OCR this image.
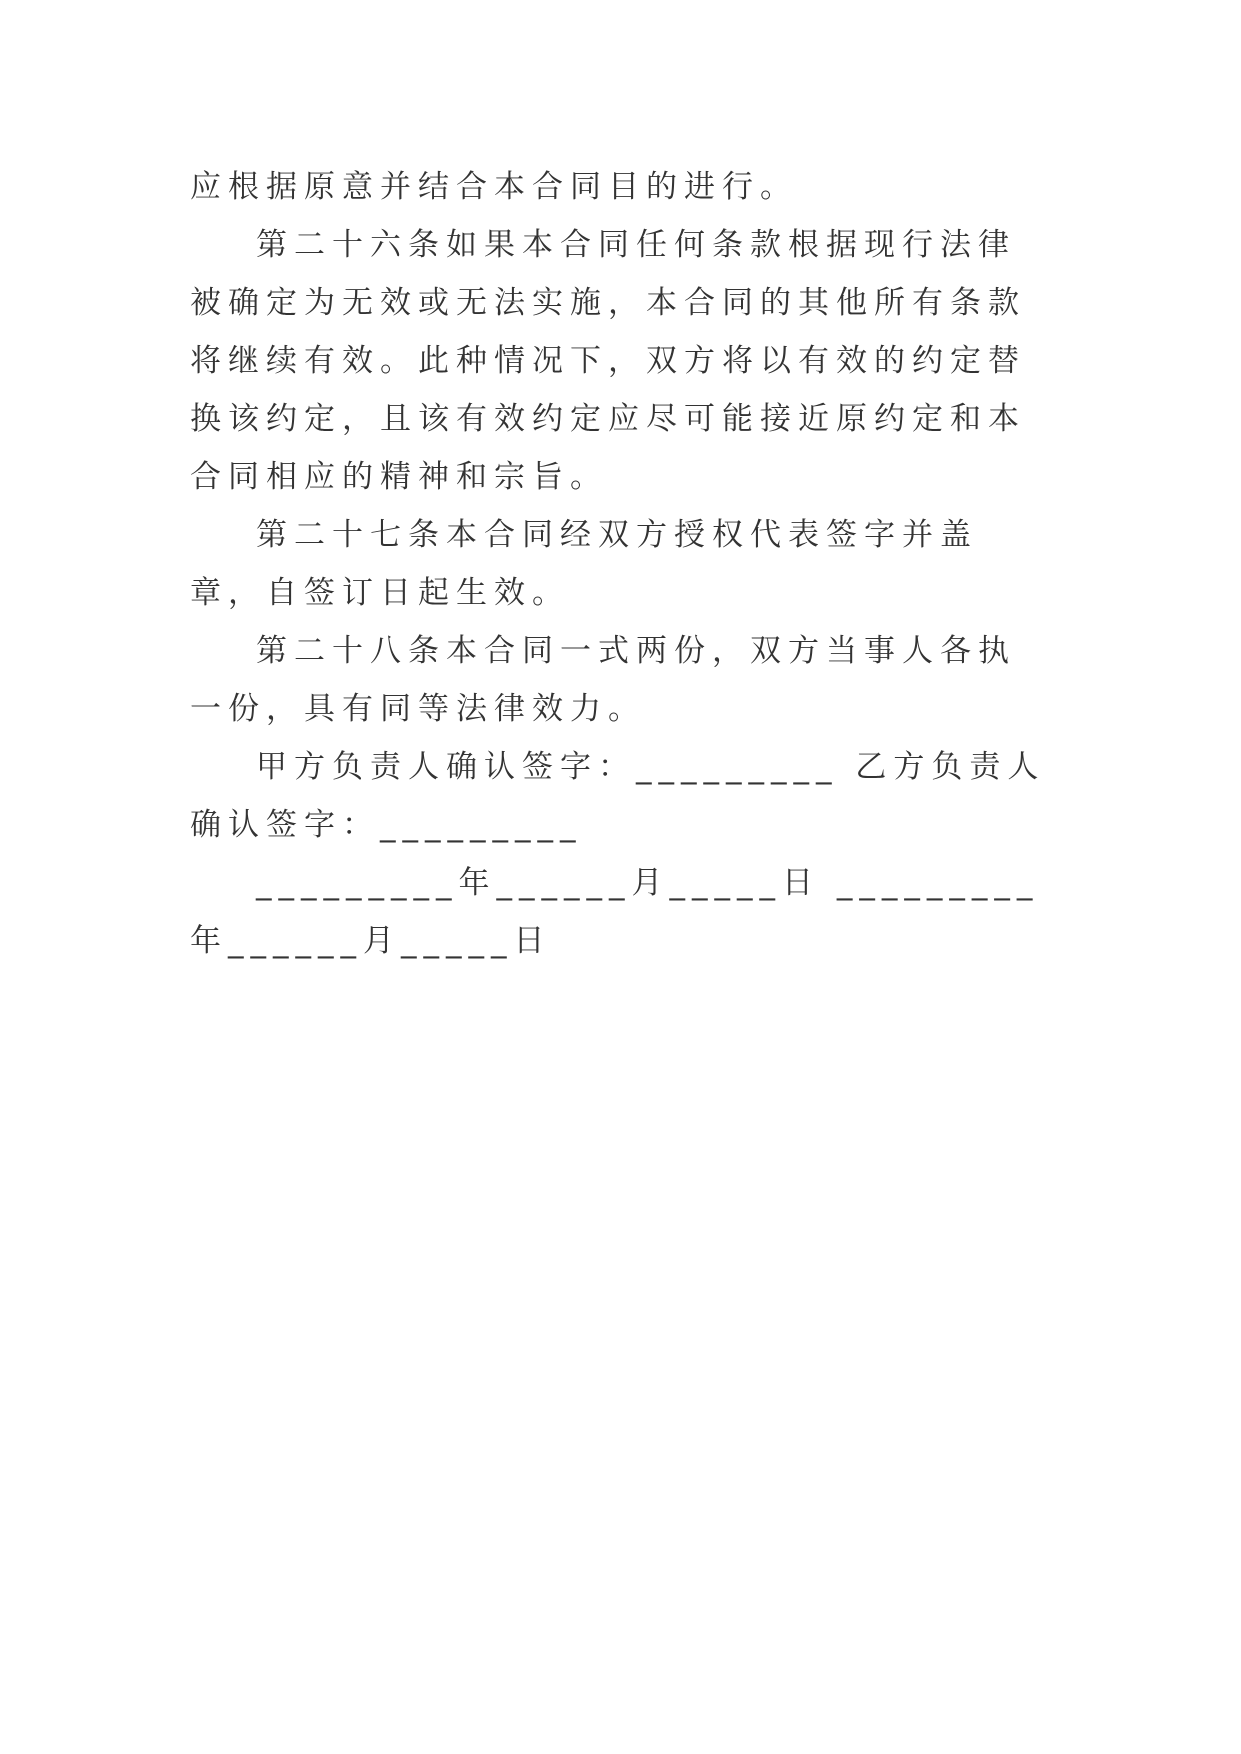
应根据原意并结合本合同目的进行。

第二十六条如果本合同任何条款根据现行法律被确定为无效或无法实施，本合同的其他所有条款将继续有效。此种情况下，双方将以有效的约定替换该约定，且该有效约定应尽可能接近原约定和本合同相应的精神和宗旨。

第二十七条本合同经双方授权代表签字并盖章，自签订日起生效。

第二十八条本合同一式两份，双方当事人各执一份，具有同等法律效力。

甲方负责人确认签字：_________ 乙方负责人确认签字：_________

_________年______月_____日 _________年______月_____日
